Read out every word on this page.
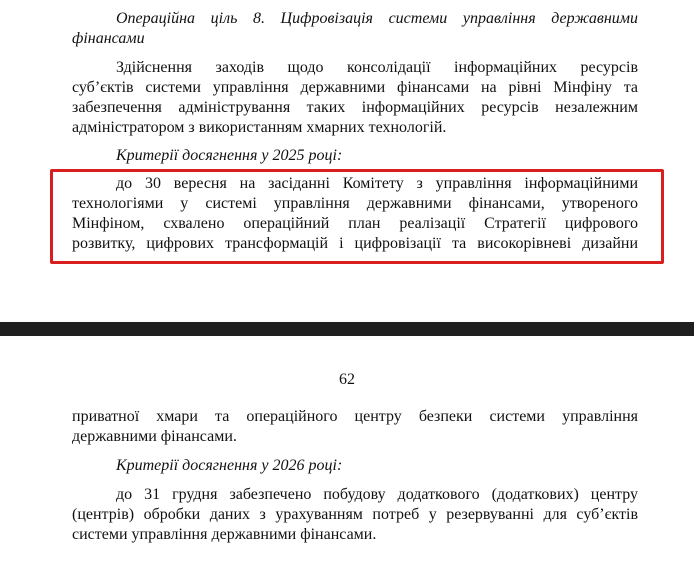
Операційна ціль 8. Цифровізація системи управління державними
фінансами
Здійснення заходів щодо консолідації інформаційних ресурсів
суб’єктів системи управління державними фінансами на рівні Мінфіну та
забезпечення адміністрування таких інформаційних ресурсів незалежним
адміністратором з використанням хмарних технологій.
Критерії досягнення у 2025 році:
до 30 вересня на засіданні Комітету з управління інформаційними
технологіями у системі управління державними фінансами, утвореного
Мінфіном, схвалено операційний план реалізації Стратегії цифрового
розвитку, цифрових трансформацій і цифровізації та високорівневі дизайни
62
приватної хмари та операційного центру безпеки системи управління
державними фінансами.
Критерії досягнення у 2026 році:
до 31 грудня забезпечено побудову додаткового (додаткових) центру
(центрів) обробки даних з урахуванням потреб у резервуванні для суб’єктів
системи управління державними фінансами.
